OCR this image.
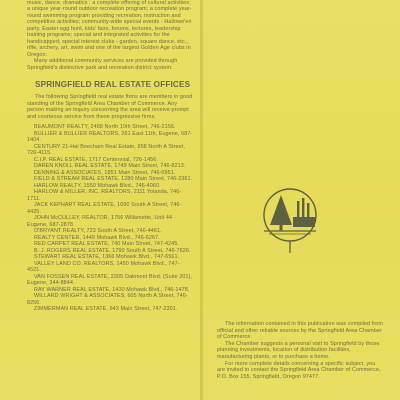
music, dance, dramatics ; a complete offering of cultural activities; a unique year-round outdoor recreation program; a complete year-round swimming program providing recreation, instruction and competitive activities; community-wide special events - Hallowe'en party, Easter egg hunt, kids' fairs, forums, lectures, leadership training programs; special and integrated activities for the handicapped; special interest clubs - garden, square dance, etc., rifle, archery, art, swim and one of the largest Golden Age clubs in Oregon.

Many additional community services are provided through Springfield's distinctive park and recreation district system.

SPRINGFIELD REAL ESTATE OFFICES

The following Springfield real estate firms are members in good standing of the Springfield Area Chamber of Commerce. Any person making an inquiry concerning the area will receive prompt and courteous service from these progressive firms.

BEAUMONT REALTY, 2468 North 10th Street, 746-2156.

BULLIER & BULLIER REALTORS, 261 East 11th, Eugene, 687-1404.

CENTURY 21-Hal Boecham Real Estate, 858 North A Street, 726-4115.

C.I.P. REAL ESTATE, 1717 Centennial, 726-1456.

DAREN KNOLL REAL ESTATE, 1749 Main Street, 746-8213.

DENNING & ASSOCIATES, 1851 Main Street, 746-0951.

FIELD & STREAM REAL ESTATE, 1280 Main Street, 746-2361.

HARLOW REALTY, 1550 Mohawk Blvd., 746-4060.

HARLOW & MILLER, INC. REALTORS, 2111 Yolanda, 746-1711.

JACK KEPHART REAL ESTATE, 1690 South A Street, 746-4425.

JOHN McCULLEY, REALTOR, 1756 Willamette, Unit 44 Eugene, 687-2878.

O'BRYANT REALTY, 723 South A Street, 746-4461.

REALTY CENTER, 1449 Mohawk Blvd., 746-6267.

RED CARPET REAL ESTATE, 740 Main Street, 747-4245.

B. J. ROGERS REAL ESTATE, 1790 South A Street, 746-7626.

STEWART REAL ESTATE, 1366 Mohawk Blvd., 747-6561.

VALLEY LAND CO. REALTORS, 1450 Mohawk Blvd., 747-4521.

VAN FOSSEN REAL ESTATE, 2305 Oakmont Blvd. (Suite 201), Eugene, 344-8844.

RAY WARNER REAL ESTATE, 1430 Mohawk Blvd., 746-1478.

WILLARD WRIGHT & ASSOCIATES, 605 North A Street, 746-8256.

ZIMMERMAN REAL ESTATE, 643 Main Street, 747-2301.

The information contained in this publication was compiled from official and other reliable sources by the Springfield Area Chamber of Commerce.

The Chamber suggests a personal visit to Springfield by those planning investments, location of distribution facilities, manufacturing plants, or to purchase a home.

For more complete details concerning a specific subject, you are invited to contact the Springfield Area Chamber of Commerce, P.O. Box 155, Springfield, Oregon 97477.
